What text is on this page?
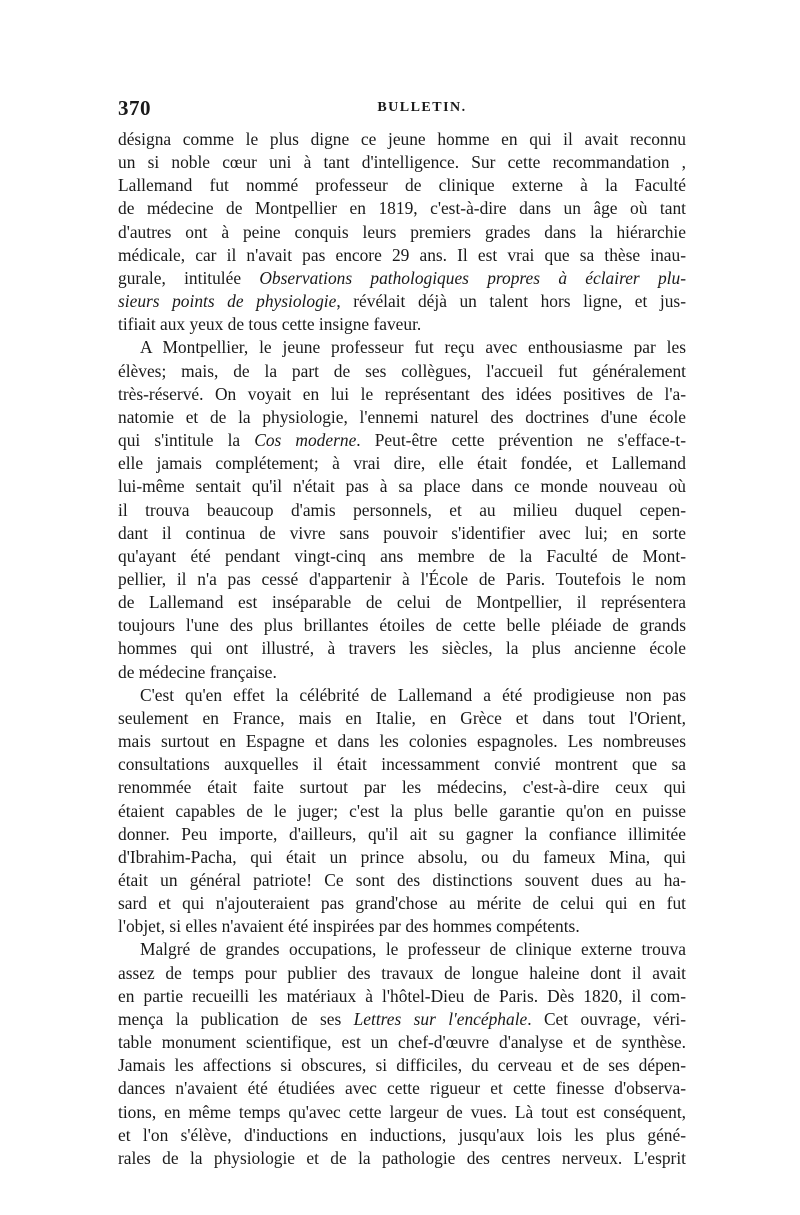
370	BULLETIN.

désigna comme le plus digne ce jeune homme en qui il avait reconnu
un si noble cœur uni à tant d'intelligence. Sur cette recommandation ,
Lallemand fut nommé professeur de clinique externe à la Faculté
de médecine de Montpellier en 1819, c'est-à-dire dans un âge où tant
d'autres ont à peine conquis leurs premiers grades dans la hiérarchie
médicale, car il n'avait pas encore 29 ans. Il est vrai que sa thèse inau-
gurale, intitulée Observations pathologiques propres à éclairer plu-
sieurs points de physiologie, révélait déjà un talent hors ligne, et jus-
tifiait aux yeux de tous cette insigne faveur.

A Montpellier, le jeune professeur fut reçu avec enthousiasme par les
élèves; mais, de la part de ses collègues, l'accueil fut généralement
très-réservé. On voyait en lui le représentant des idées positives de l'a-
natomie et de la physiologie, l'ennemi naturel des doctrines d'une école
qui s'intitule la Cos moderne. Peut-être cette prévention ne s'efface-t-
elle jamais complétement; à vrai dire, elle était fondée, et Lallemand
lui-même sentait qu'il n'était pas à sa place dans ce monde nouveau où
il trouva beaucoup d'amis personnels, et au milieu duquel cepen-
dant il continua de vivre sans pouvoir s'identifier avec lui; en sorte
qu'ayant été pendant vingt-cinq ans membre de la Faculté de Mont-
pellier, il n'a pas cessé d'appartenir à l'École de Paris. Toutefois le nom
de Lallemand est inséparable de celui de Montpellier, il représentera
toujours l'une des plus brillantes étoiles de cette belle pléiade de grands
hommes qui ont illustré, à travers les siècles, la plus ancienne école
de médecine française.

C'est qu'en effet la célébrité de Lallemand a été prodigieuse non pas
seulement en France, mais en Italie, en Grèce et dans tout l'Orient,
mais surtout en Espagne et dans les colonies espagnoles. Les nombreuses
consultations auxquelles il était incessamment convié montrent que sa
renommée était faite surtout par les médecins, c'est-à-dire ceux qui
étaient capables de le juger; c'est la plus belle garantie qu'on en puisse
donner. Peu importe, d'ailleurs, qu'il ait su gagner la confiance illimitée
d'Ibrahim-Pacha, qui était un prince absolu, ou du fameux Mina, qui
était un général patriote! Ce sont des distinctions souvent dues au ha-
sard et qui n'ajouteraient pas grand'chose au mérite de celui qui en fut
l'objet, si elles n'avaient été inspirées par des hommes compétents.

Malgré de grandes occupations, le professeur de clinique externe trouva
assez de temps pour publier des travaux de longue haleine dont il avait
en partie recueilli les matériaux à l'hôtel-Dieu de Paris. Dès 1820, il com-
mença la publication de ses Lettres sur l'encéphale. Cet ouvrage, véri-
table monument scientifique, est un chef-d'œuvre d'analyse et de synthèse.
Jamais les affections si obscures, si difficiles, du cerveau et de ses dépen-
dances n'avaient été étudiées avec cette rigueur et cette finesse d'observa-
tions, en même temps qu'avec cette largeur de vues. Là tout est conséquent,
et l'on s'élève, d'inductions en inductions, jusqu'aux lois les plus géné-
rales de la physiologie et de la pathologie des centres nerveux. L'esprit
